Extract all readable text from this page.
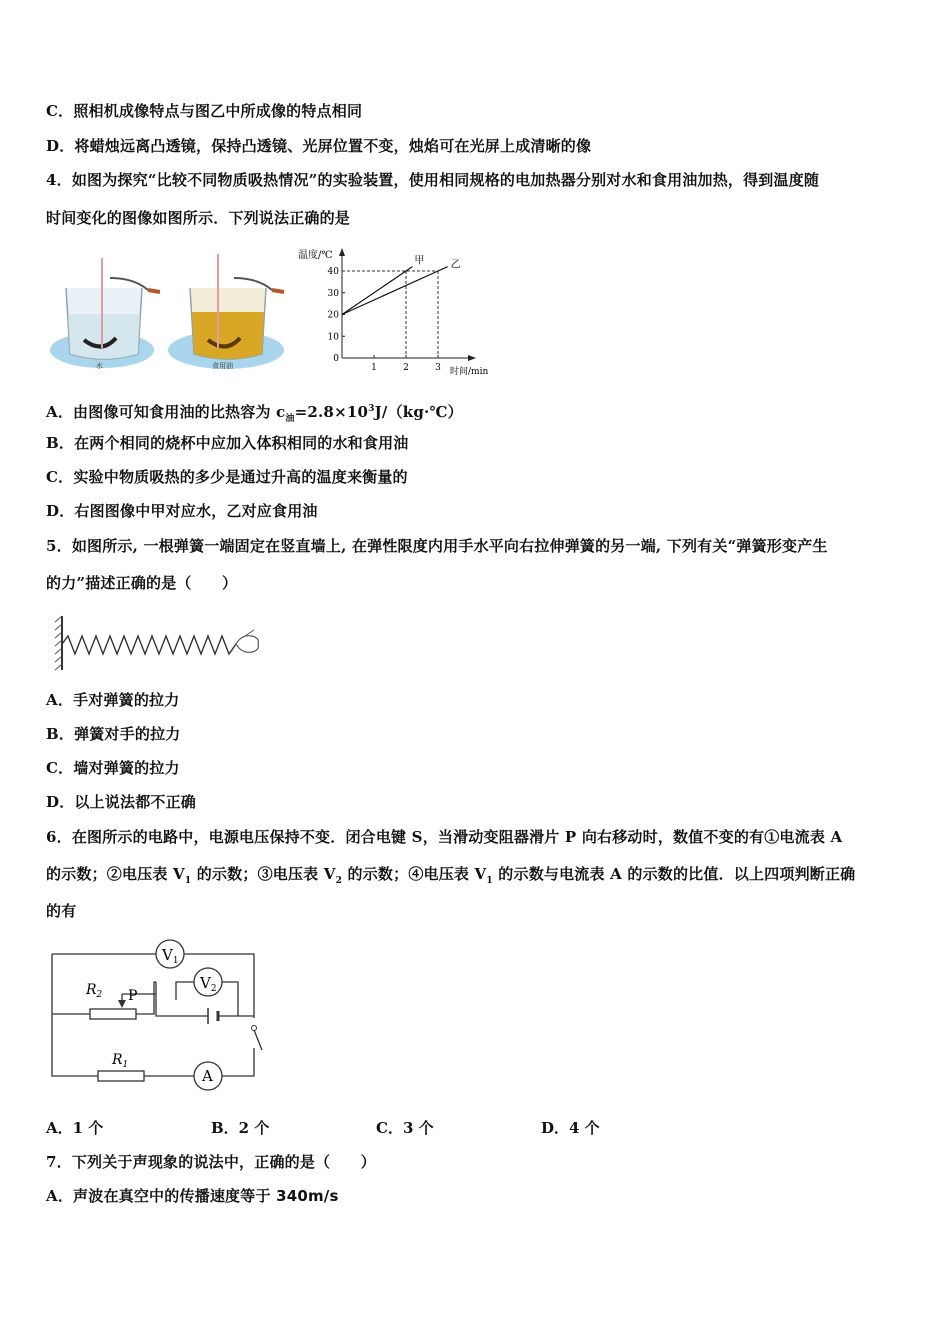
C．照相机成像特点与图乙中所成像的特点相同
D．将蜡烛远离凸透镜，保持凸透镜、光屏位置不变，烛焰可在光屏上成清晰的像
4．如图为探究“比较不同物质吸热情况”的实验装置，使用相同规格的电加热器分别对水和食用油加热，得到温度随
时间变化的图像如图所示．下列说法正确的是
水	食用油
温度/℃
时间/min
0
10
20
30
40
1	2	3
甲	乙
A．由图像可知食用油的比热容为 $c_油=2.8\times 10^3J/(kg\cdot℃)$
B．在两个相同的烧杯中应加入体积相同的水和食用油
C．实验中物质吸热的多少是通过升高的温度来衡量的
D．右图图像中甲对应水，乙对应食用油
5．如图所示, 一根弹簧一端固定在竖直墙上, 在弹性限度内用手水平向右拉伸弹簧的另一端, 下列有关“弹簧形变产生
的力”描述正确的是（　　）
A．手对弹簧的拉力
B．弹簧对手的拉力
C．墙对弹簧的拉力
D．以上说法都不正确
6．在图所示的电路中，电源电压保持不变．闭合电键 S，当滑动变阻器滑片 P 向右移动时，数值不变的有①电流表 A
的示数；②电压表 $V_1$ 的示数；③电压表 $V_2$ 的示数；④电压表 $V_1$ 的示数与电流表 A 的示数的比值．以上四项判断正确
的有
$V_1$
$V_2$
A
$R_2$ P
$R_1$
A．1 个	B．2 个	C．3 个	D．4 个
7．下列关于声现象的说法中，正确的是（　　）
A．声波在真空中的传播速度等于 340m/s
